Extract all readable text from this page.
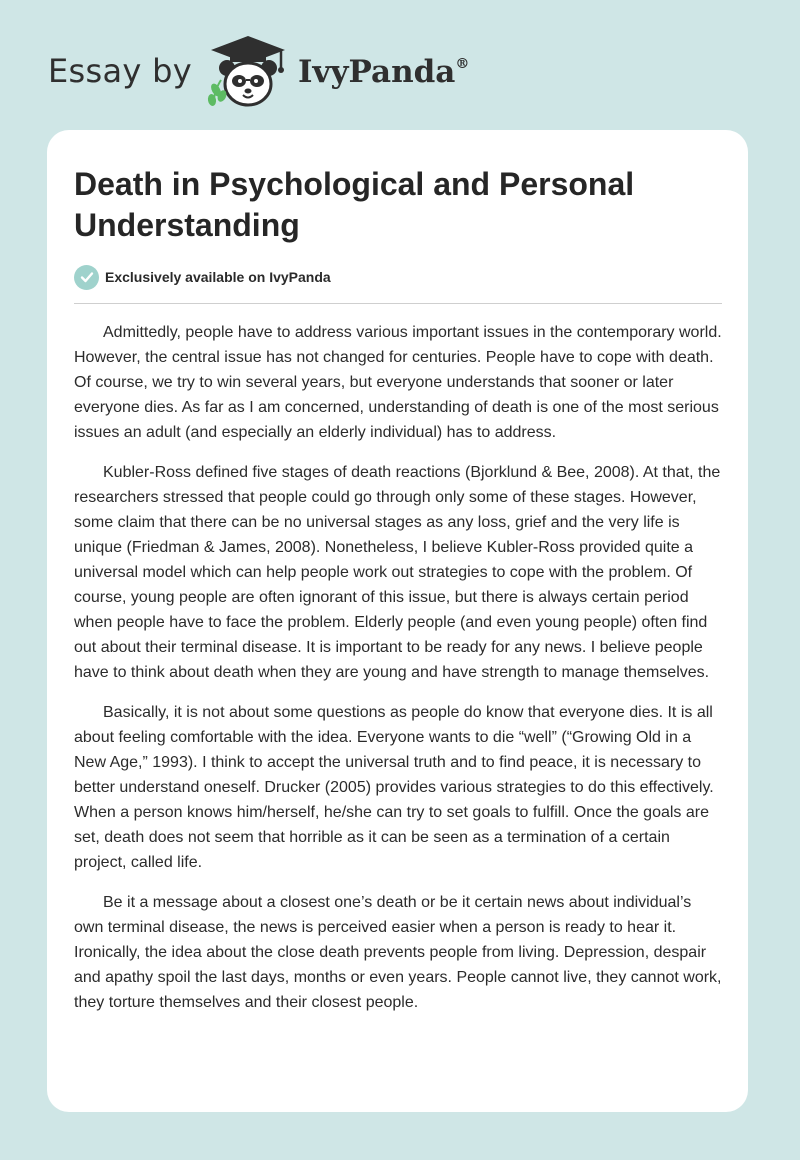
Essay by	IvyPanda®
Death in Psychological and Personal Understanding
Exclusively available on IvyPanda

Admittedly, people have to address various important issues in the contemporary world. However, the central issue has not changed for centuries. People have to cope with death. Of course, we try to win several years, but everyone understands that sooner or later everyone dies. As far as I am concerned, understanding of death is one of the most serious issues an adult (and especially an elderly individual) has to address.

Kubler-Ross defined five stages of death reactions (Bjorklund & Bee, 2008). At that, the researchers stressed that people could go through only some of these stages. However, some claim that there can be no universal stages as any loss, grief and the very life is unique (Friedman & James, 2008). Nonetheless, I believe Kubler-Ross provided quite a universal model which can help people work out strategies to cope with the problem. Of course, young people are often ignorant of this issue, but there is always certain period when people have to face the problem. Elderly people (and even young people) often find out about their terminal disease. It is important to be ready for any news. I believe people have to think about death when they are young and have strength to manage themselves.

Basically, it is not about some questions as people do know that everyone dies. It is all about feeling comfortable with the idea. Everyone wants to die “well” (“Growing Old in a New Age,” 1993). I think to accept the universal truth and to find peace, it is necessary to better understand oneself. Drucker (2005) provides various strategies to do this effectively. When a person knows him/herself, he/she can try to set goals to fulfill. Once the goals are set, death does not seem that horrible as it can be seen as a termination of a certain project, called life.

Be it a message about a closest one’s death or be it certain news about individual’s own terminal disease, the news is perceived easier when a person is ready to hear it. Ironically, the idea about the close death prevents people from living. Depression, despair and apathy spoil the last days, months or even years. People cannot live, they cannot work, they torture themselves and their closest people.
